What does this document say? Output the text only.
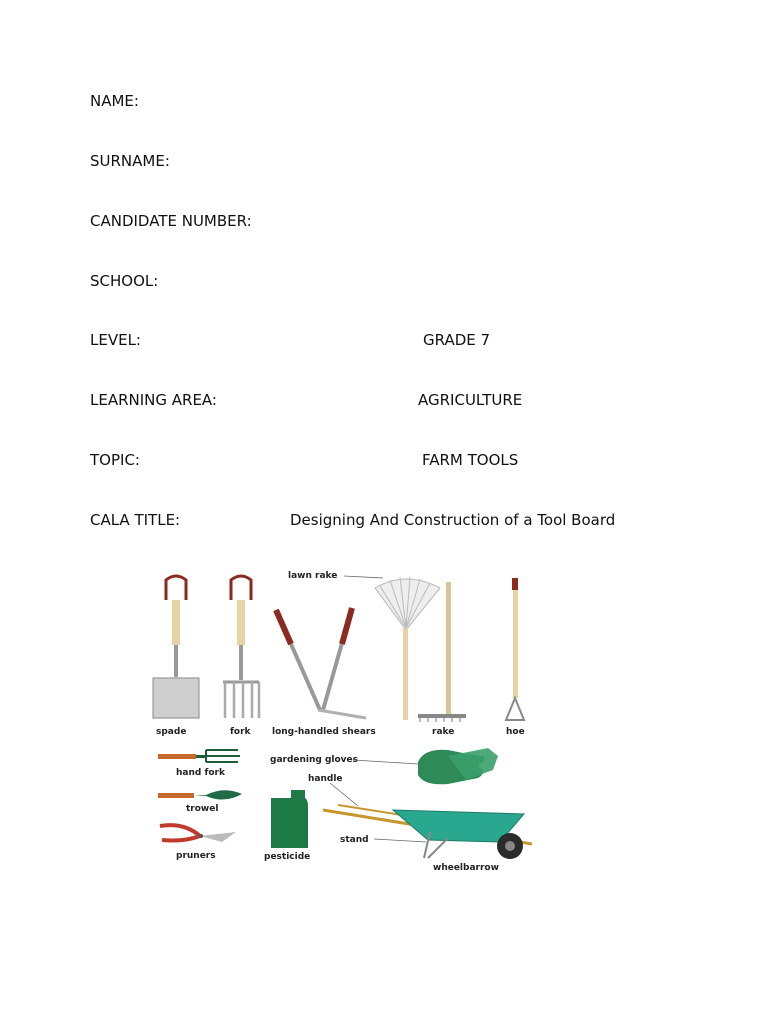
NAME:
SURNAME:
CANDIDATE NUMBER:
SCHOOL:
LEVEL:	GRADE 7
LEARNING AREA:	AGRICULTURE
TOPIC:	FARM TOOLS
CALA TITLE:	Designing And Construction of a Tool Board
spade	fork long-handled shears
lawn rake
rake	hoe
hand fork
trowel
pruners	pesticide
gardening gloves
handle
stand
wheelbarrow
